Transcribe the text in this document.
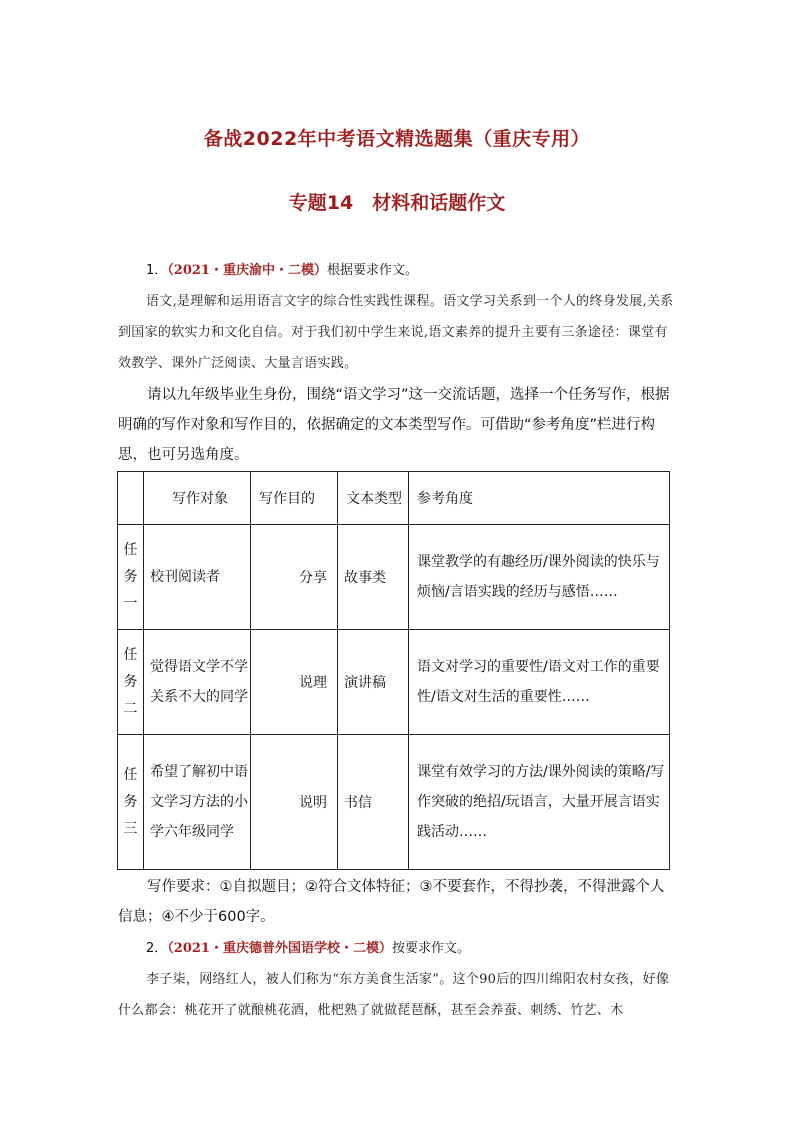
备战2022年中考语文精选题集（重庆专用）
专题14　材料和话题作文
1．（2021・重庆渝中・二模）根据要求作文。
语文,是理解和运用语言文字的综合性实践性课程。语文学习关系到一个人的终身发展,关系到国家的软实力和文化自信。对于我们初中学生来说,语文素养的提升主要有三条途径：课堂有效教学、课外广泛阅读、大量言语实践。
请以九年级毕业生身份，围绕“语文学习”这一交流话题，选择一个任务写作，根据明确的写作对象和写作目的，依据确定的文本类型写作。可借助“参考角度”栏进行构思，也可另选角度。
	写作对象	写作目的	文本类型	参考角度
任务一	校刊阅读者	分享	故事类	课堂教学的有趣经历/课外阅读的快乐与烦恼/言语实践的经历与感悟……
任务二	觉得语文学不学关系不大的同学	说理	演讲稿	语文对学习的重要性/语文对工作的重要性/语文对生活的重要性……
任务三	希望了解初中语文学习方法的小学六年级同学	说明	书信	课堂有效学习的方法/课外阅读的策略/写作突破的绝招/玩语言，大量开展言语实践活动……
写作要求：①自拟题目；②符合文体特征；③不要套作，不得抄袭，不得泄露个人信息；④不少于600字。
2．（2021・重庆德普外国语学校・二模）按要求作文。
李子柒，网络红人，被人们称为“东方美食生活家”。这个90后的四川绵阳农村女孩，好像什么都会：桃花开了就酿桃花酒，枇杷熟了就做琵琶酥，甚至会养蚕、刺绣、竹艺、木
